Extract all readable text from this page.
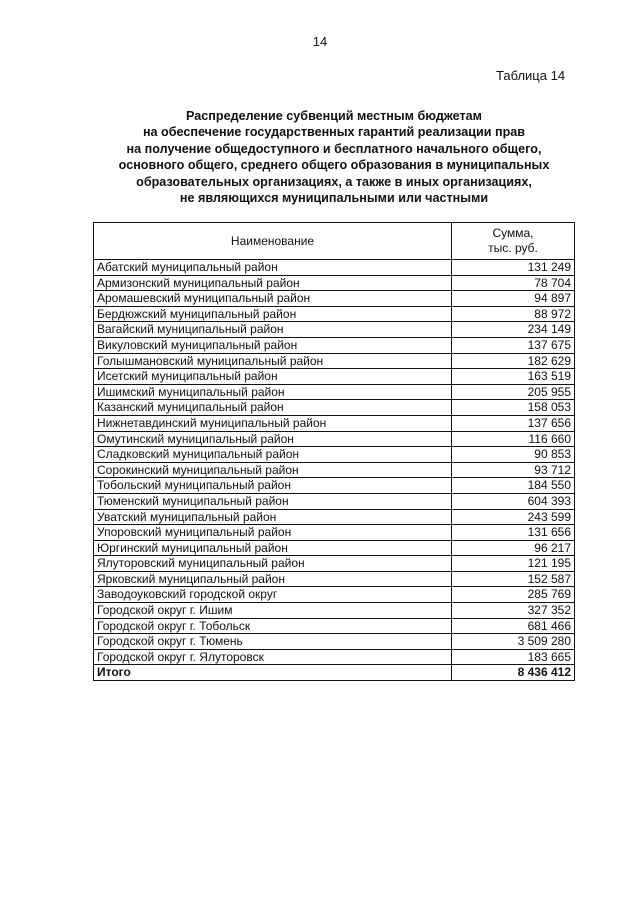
14
Таблица 14
Распределение субвенций местным бюджетам
на обеспечение государственных гарантий реализации прав
на получение общедоступного и бесплатного начального общего,
основного общего, среднего общего образования в муниципальных
образовательных организациях, а также в иных организациях,
не являющихся муниципальными или частными
Наименование	Сумма,
тыс. руб.

Абатский муниципальный район	131 249
Армизонский муниципальный район	78 704
Аромашевский муниципальный район	94 897
Бердюжский муниципальный район	88 972
Вагайский муниципальный район	234 149
Викуловский муниципальный район	137 675
Голышмановский муниципальный район	182 629
Исетский муниципальный район	163 519
Ишимский муниципальный район	205 955
Казанский муниципальный район	158 053
Нижнетавдинский муниципальный район	137 656
Омутинский муниципальный район	116 660
Сладковский муниципальный район	90 853
Сорокинский муниципальный район	93 712
Тобольский муниципальный район	184 550
Тюменский муниципальный район	604 393
Уватский муниципальный район	243 599
Упоровский муниципальный район	131 656
Юргинский муниципальный район	96 217
Ялуторовский муниципальный район	121 195
Ярковский муниципальный район	152 587
Заводоуковский городской округ	285 769
Городской округ г. Ишим	327 352
Городской округ г. Тобольск	681 466
Городской округ г. Тюмень	3 509 280
Городской округ г. Ялуторовск	183 665
Итого	8 436 412
